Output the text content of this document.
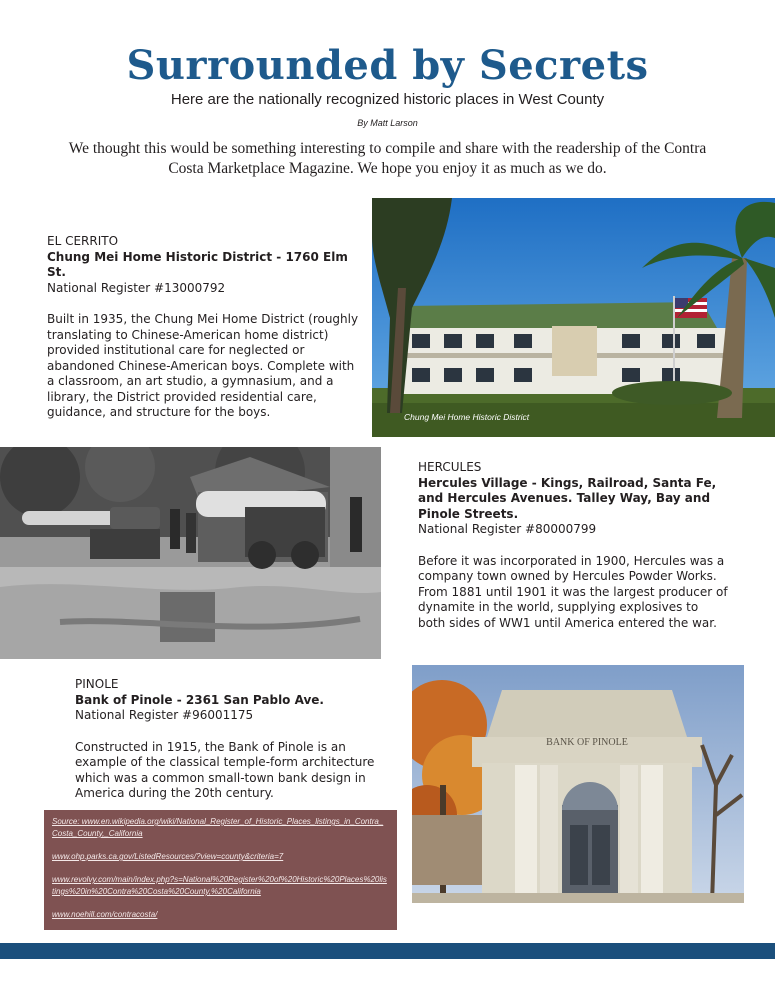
Surrounded by Secrets
Here are the nationally recognized historic places in West County
By Matt Larson
We thought this would be something interesting to compile and share with the readership of the Contra Costa Marketplace Magazine. We hope you enjoy it as much as we do.

EL CERRITO

Chung Mei Home Historic District - 1760 Elm St.

National Register #13000792

Built in 1935, the Chung Mei Home District (roughly translating to Chinese-American home district) provided institutional care for neglected or abandoned Chinese-American boys. Complete with a classroom, an art studio, a gymnasium, and a library, the District provided residential care, guidance, and structure for the boys.	Chung Mei Home Historic District

HERCULES

Hercules Village - Kings, Railroad, Santa Fe, and Hercules Avenues. Talley Way, Bay and Pinole Streets.

National Register #80000799

Before it was incorporated in 1900, Hercules was a company town owned by Hercules Powder Works. From 1881 until 1901 it was the largest producer of dynamite in the world, supplying explosives to both sides of WW1 until America entered the war.

PINOLE

Bank of Pinole - 2361 San Pablo Ave.

National Register #96001175

Constructed in 1915, the Bank of Pinole is an example of the classical temple-form architecture which was a common small-town bank design in America during the 20th century.

BANK OF PINOLE
Source: www.en.wikipedia.org/wiki/National_Register_of_Historic_Places_listings_in_Contra_Costa_County,_California
www.ohp.parks.ca.gov/ListedResources/?view=county&criteria=7
www.revolvy.com/main/index.php?s=National%20Register%20of%20Historic%20Places%20listings%20in%20Contra%20Costa%20County,%20California
www.noehill.com/contracosta/
